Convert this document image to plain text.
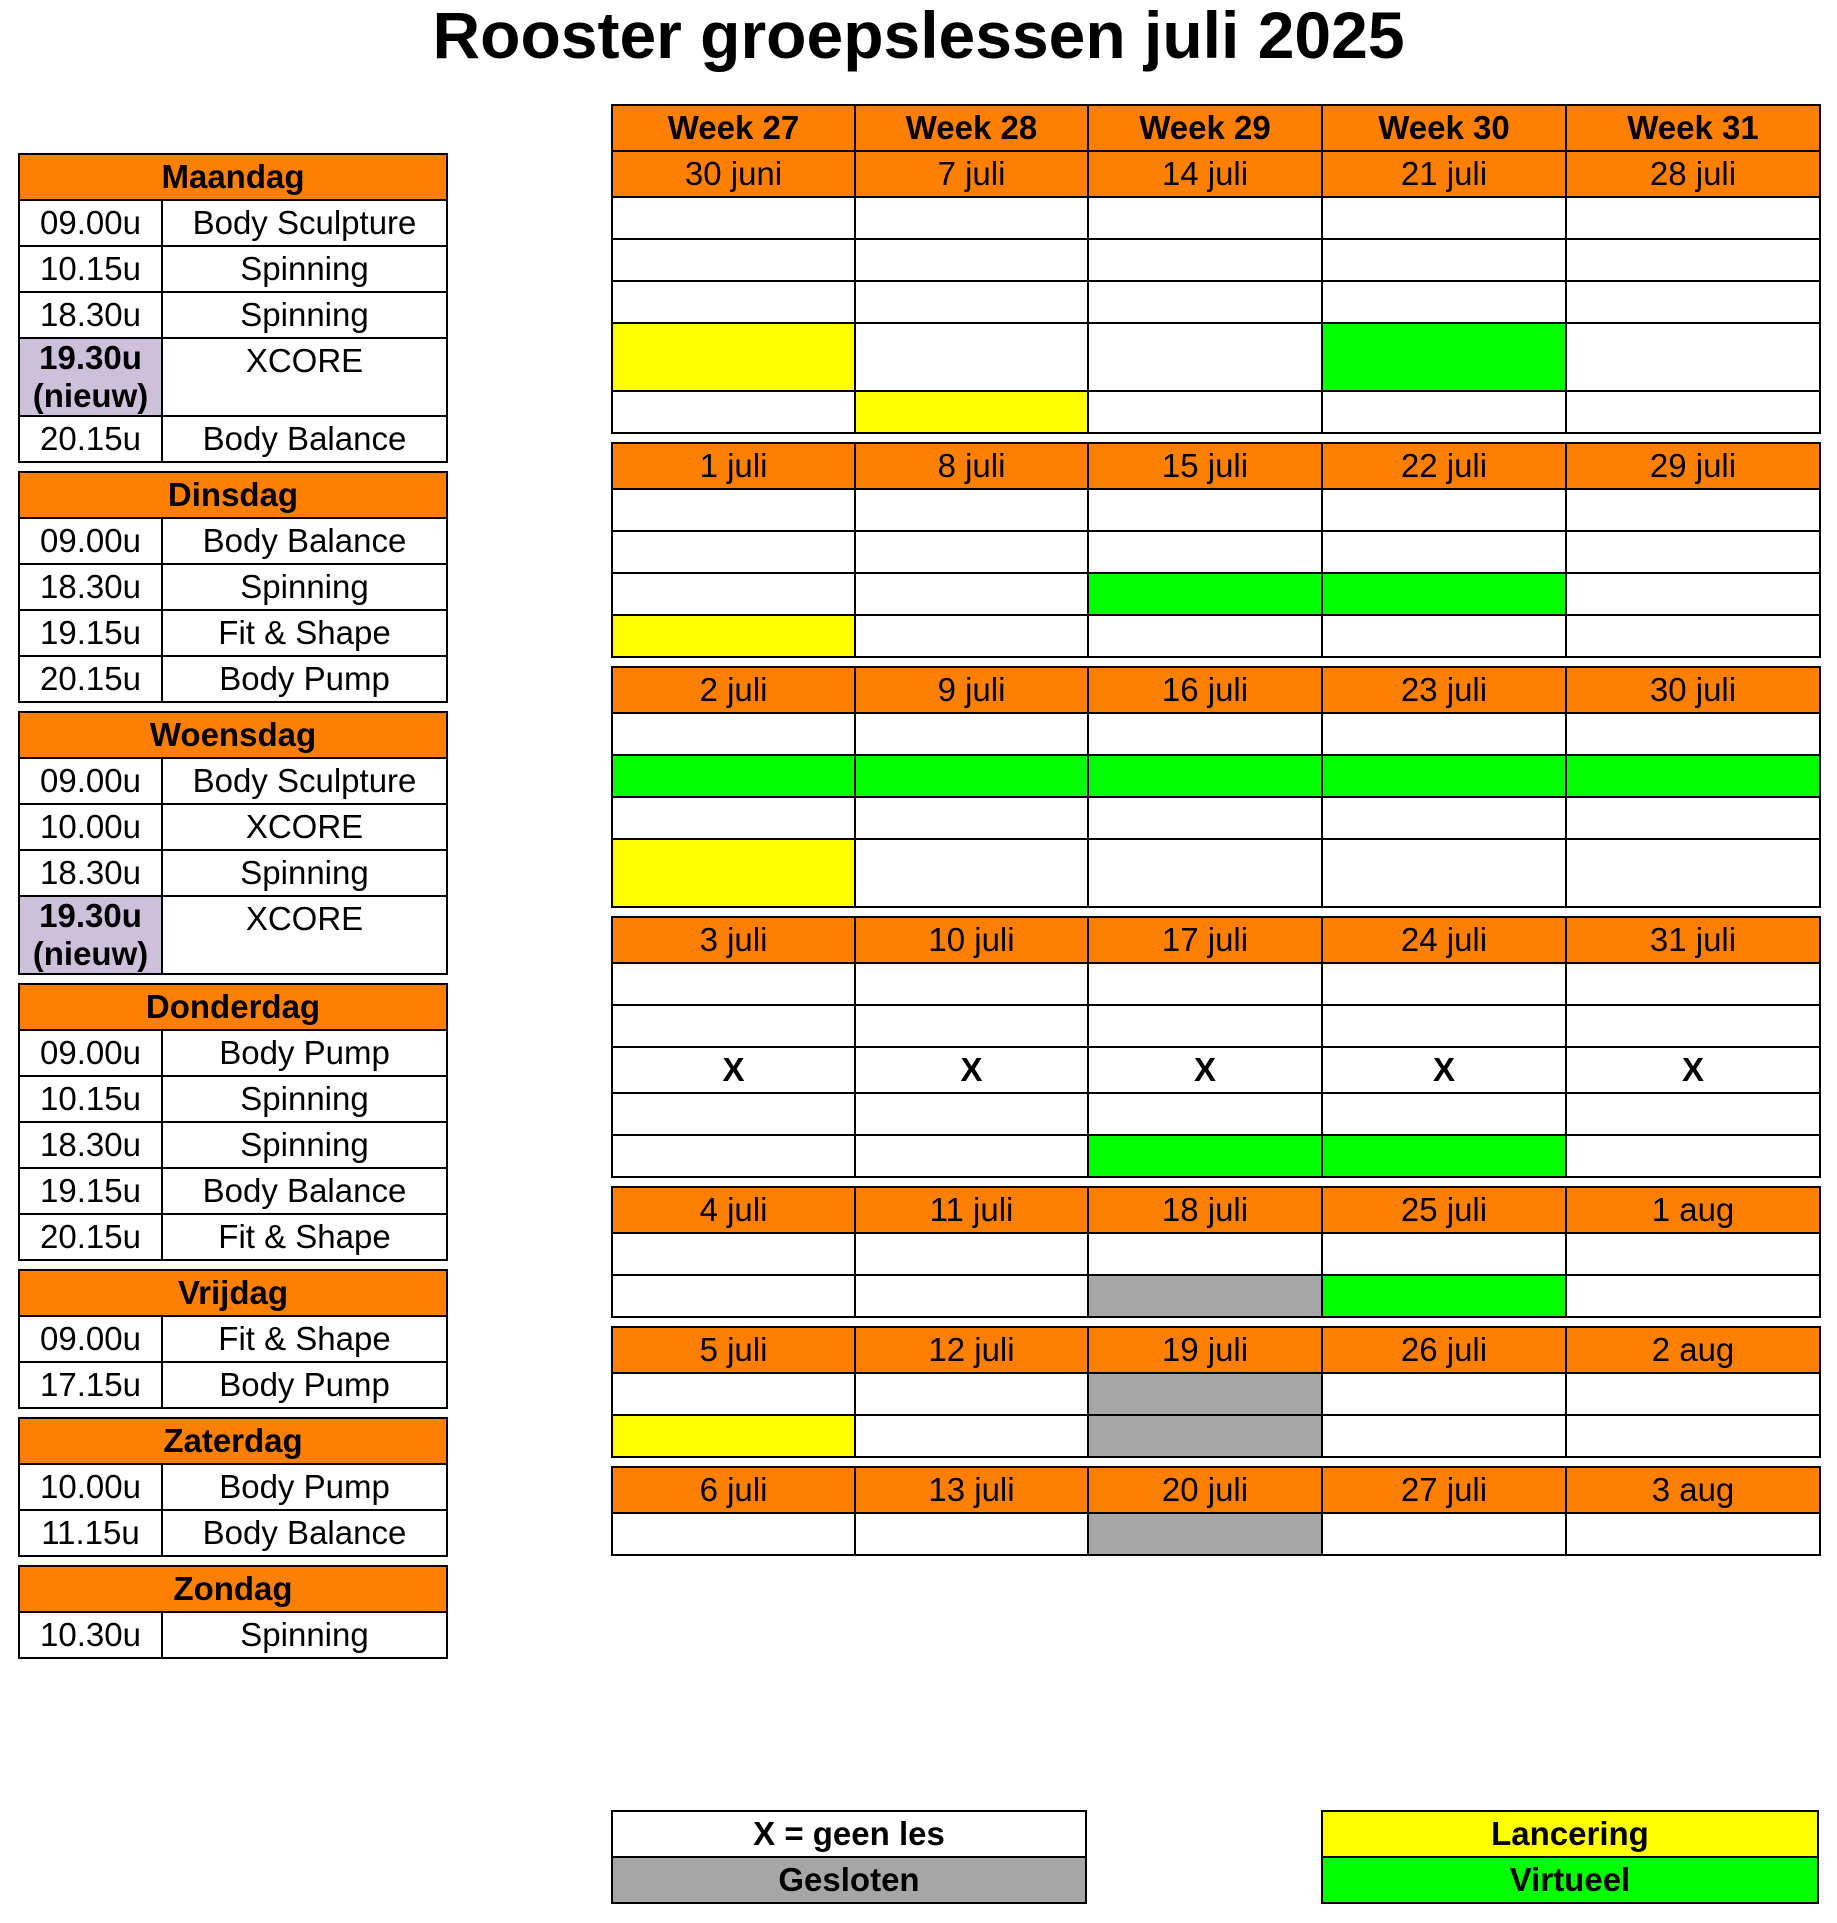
Rooster groepslessen juli 2025
Maandag	
09.00u	Body Sculpture
10.15u	Spinning
18.30u	Spinning

19.30u
(nieuw)	XCORE
20.15u	Body Balance

Dinsdag	
09.00u	Body Balance
18.30u	Spinning
19.15u	Fit & Shape
20.15u	Body Pump

Woensdag	
09.00u	Body Sculpture
10.00u	XCORE
18.30u	Spinning

19.30u
(nieuw)	XCORE

Donderdag	
09.00u	Body Pump
10.15u	Spinning
18.30u	Spinning
19.15u	Body Balance
20.15u	Fit & Shape

Vrijdag	
09.00u	Fit & Shape
17.15u	Body Pump

Zaterdag	
10.00u	Body Pump
11.15u	Body Balance

Zondag	
10.30u	Spinning
Week 27	Week 28	Week 29	Week 30	Week 31
30 juni	7 juli	14 juli	21 juli	28 juli

1 juli	8 juli	15 juli	22 juli	29 juli

2 juli	9 juli	16 juli	23 juli	30 juli

3 juli	10 juli	17 juli	24 juli	31 juli

X	X	X	X	X

4 juli	11 juli	18 juli	25 juli	1 aug

5 juli	12 juli	19 juli	26 juli	2 aug

6 juli	13 juli	20 juli	27 juli	3 aug

X = geen les
Gesloten
Lancering
Virtueel
